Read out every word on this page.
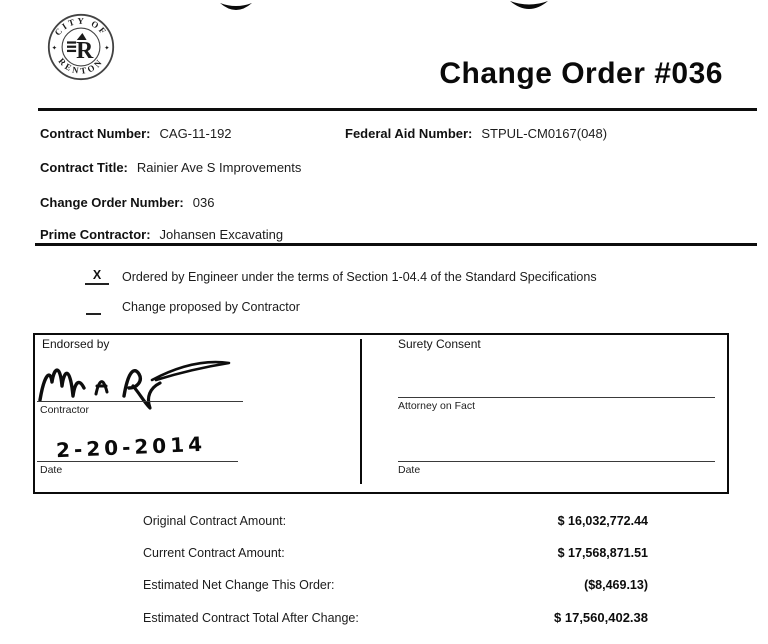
CITY OF
RENTON
✦	✦
R
Change Order #036
Contract Number: CAG-11-192	Federal Aid Number: STPUL-CM0167(048)
Contract Title: Rainier Ave S Improvements
Change Order Number: 036
Prime Contractor: Johansen Excavating
X	Ordered by Engineer under the terms of Section 1-04.4 of the Standard Specifications
Change proposed by Contractor
Endorsed by
Contractor
2-20-2014
Date
Surety Consent
Attorney on Fact
Date
Original Contract Amount:	$ 16,032,772.44
Current Contract Amount:	$ 17,568,871.51
Estimated Net Change This Order:	($8,469.13)
Estimated Contract Total After Change:	$ 17,560,402.38
